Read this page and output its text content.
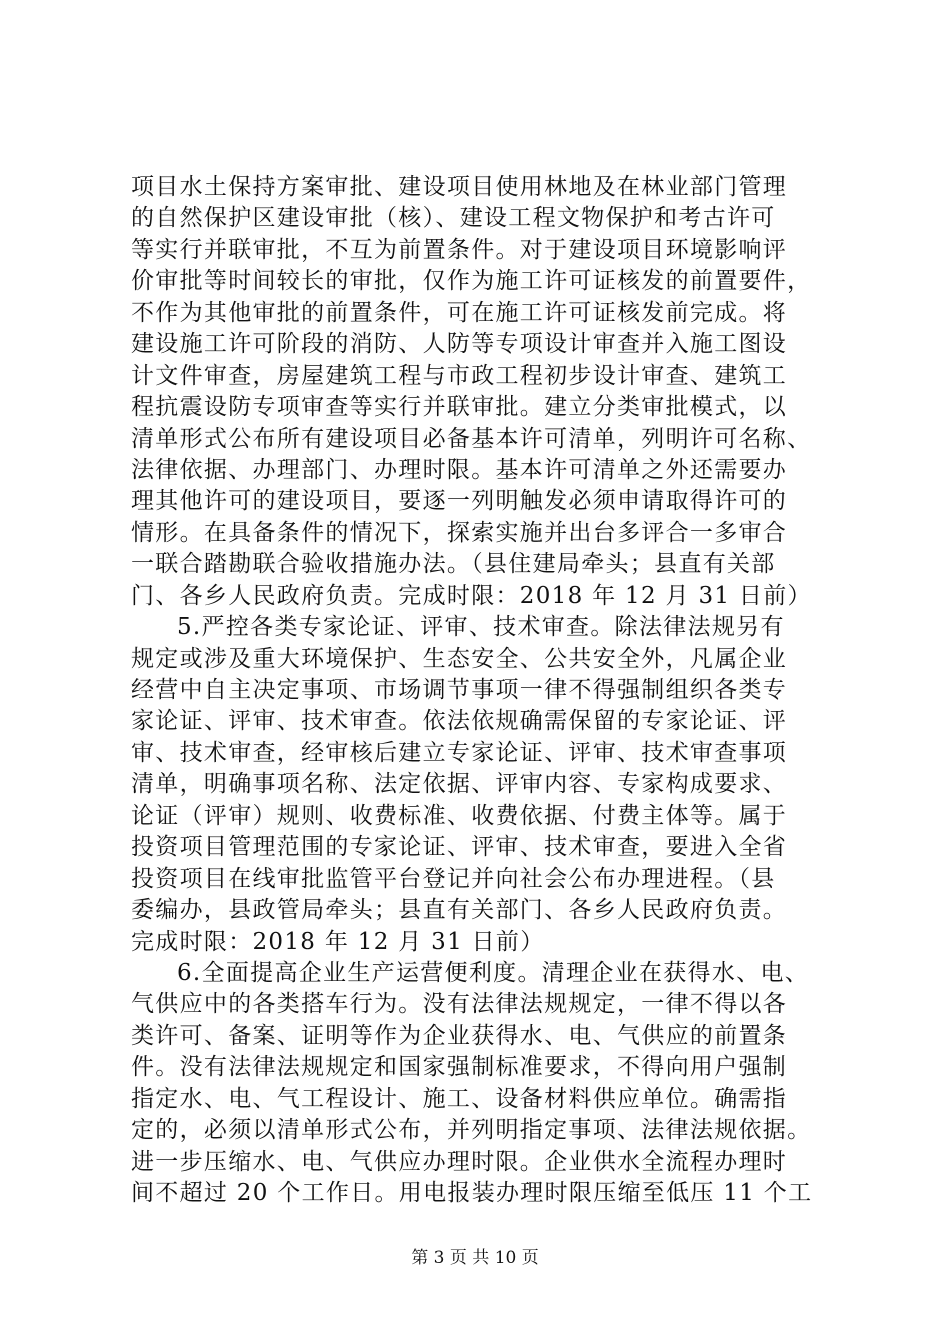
项目水土保持方案审批、建设项目使用林地及在林业部门管理
的自然保护区建设审批（核）、建设工程文物保护和考古许可
等实行并联审批，不互为前置条件。对于建设项目环境影响评
价审批等时间较长的审批，仅作为施工许可证核发的前置要件，
不作为其他审批的前置条件，可在施工许可证核发前完成。将
建设施工许可阶段的消防、人防等专项设计审查并入施工图设
计文件审查，房屋建筑工程与市政工程初步设计审查、建筑工
程抗震设防专项审查等实行并联审批。建立分类审批模式，以
清单形式公布所有建设项目必备基本许可清单，列明许可名称、
法律依据、办理部门、办理时限。基本许可清单之外还需要办
理其他许可的建设项目，要逐一列明触发必须申请取得许可的
情形。在具备条件的情况下，探索实施并出台多评合一多审合
一联合踏勘联合验收措施办法。（县住建局牵头；县直有关部
门、各乡人民政府负责。完成时限：2018 年 12 月 31 日前）
5.严控各类专家论证、评审、技术审查。除法律法规另有
规定或涉及重大环境保护、生态安全、公共安全外，凡属企业
经营中自主决定事项、市场调节事项一律不得强制组织各类专
家论证、评审、技术审查。依法依规确需保留的专家论证、评
审、技术审查，经审核后建立专家论证、评审、技术审查事项
清单，明确事项名称、法定依据、评审内容、专家构成要求、
论证（评审）规则、收费标准、收费依据、付费主体等。属于
投资项目管理范围的专家论证、评审、技术审查，要进入全省
投资项目在线审批监管平台登记并向社会公布办理进程。（县
委编办，县政管局牵头；县直有关部门、各乡人民政府负责。
完成时限：2018 年 12 月 31 日前）
6.全面提高企业生产运营便利度。清理企业在获得水、电、
气供应中的各类搭车行为。没有法律法规规定，一律不得以各
类许可、备案、证明等作为企业获得水、电、气供应的前置条
件。没有法律法规规定和国家强制标准要求，不得向用户强制
指定水、电、气工程设计、施工、设备材料供应单位。确需指
定的，必须以清单形式公布，并列明指定事项、法律法规依据。
进一步压缩水、电、气供应办理时限。企业供水全流程办理时
间不超过 20 个工作日。用电报装办理时限压缩至低压 11 个工
第 3 页 共 10 页
